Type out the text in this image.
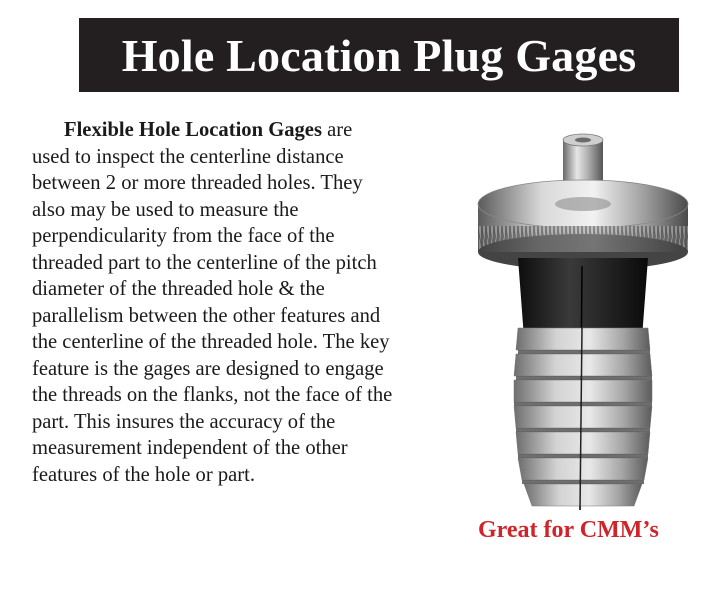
Hole Location Plug Gages
Flexible Hole Location Gages are
used to inspect the centerline distance
between 2 or more threaded holes. They
also may be used to measure the
perpendicularity from the face of the
threaded part to the centerline of the pitch
diameter of the threaded hole & the
parallelism between the other features and
the centerline of the threaded hole. The key
feature is the gages are designed to engage
the threads on the flanks, not the face of the
part. This insures the accuracy of the
measurement independent of the other
features of the hole or part.
Great for CMM’s
